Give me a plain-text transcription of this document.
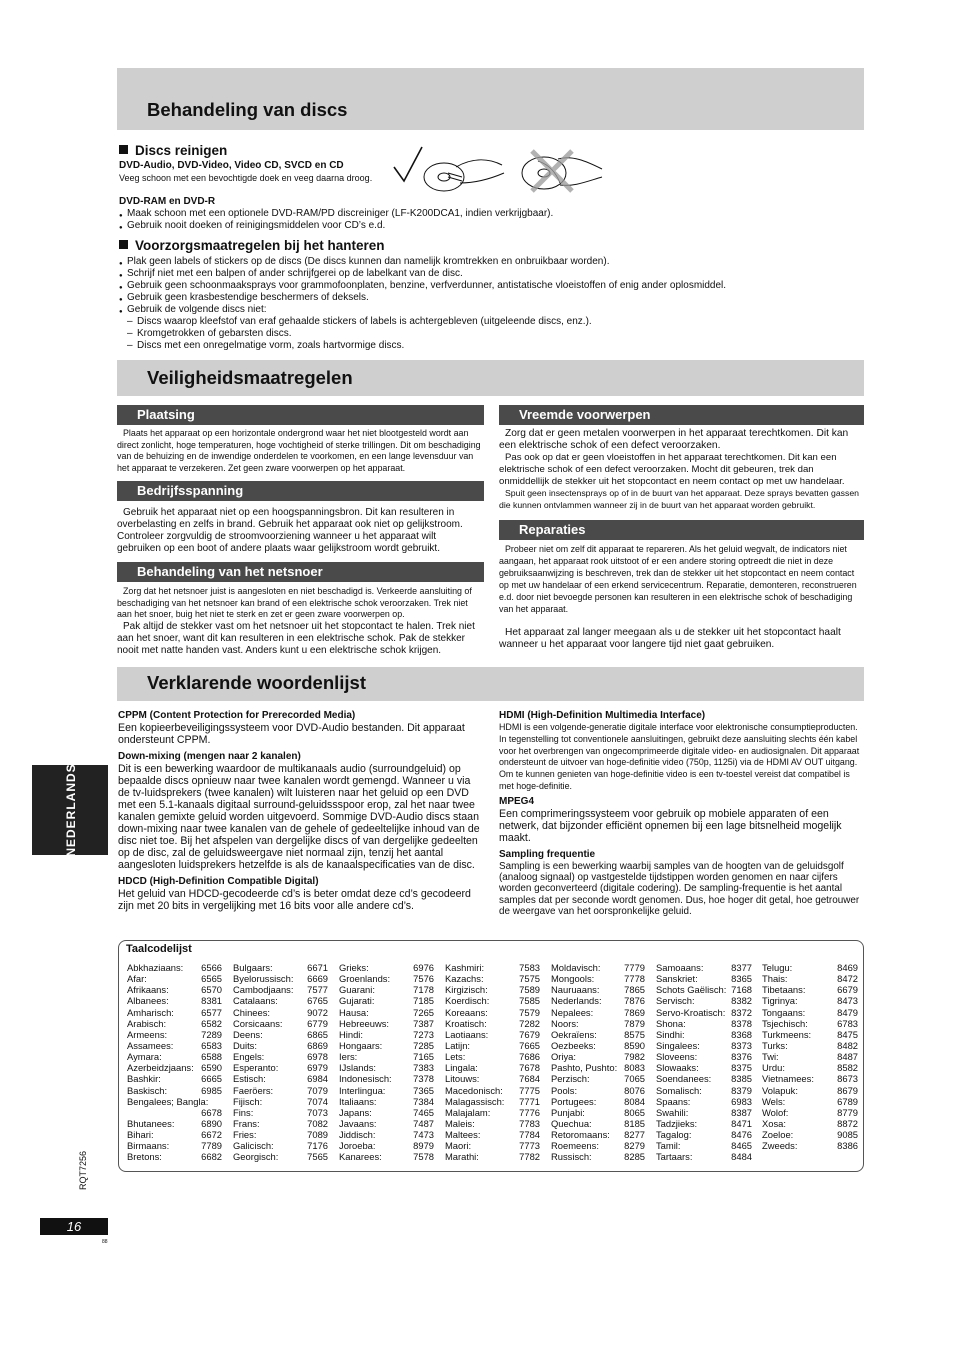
Behandeling van discs
Discs reinigen
DVD-Audio, DVD-Video, Video CD, SVCD en CD
Veeg schoon met een bevochtigde doek en veeg daarna droog.
DVD-RAM en DVD-R
● Maak schoon met een optionele DVD-RAM/PD discreiniger (LF-K200DCA1, indien verkrijgbaar).
● Gebruik nooit doeken of reinigingsmiddelen voor CD’s e.d.
Voorzorgsmaatregelen bij het hanteren
● Plak geen labels of stickers op de discs (De discs kunnen dan namelijk kromtrekken en onbruikbaar worden).
● Schrijf niet met een balpen of ander schrijfgerei op de labelkant van de disc.
● Gebruik geen schoonmaaksprays voor grammofoonplaten, benzine, verfverdunner, antistatische vloeistoffen of enig ander oplosmiddel.
● Gebruik geen krasbestendige beschermers of deksels.
● Gebruik de volgende discs niet:
– Discs waarop kleefstof van eraf gehaalde stickers of labels is achtergebleven (uitgeleende discs, enz.).
– Kromgetrokken of gebarsten discs.
– Discs met een onregelmatige vorm, zoals hartvormige discs.
Veiligheidsmaatregelen
Plaatsing

Plaats het apparaat op een horizontale ondergrond waar het niet blootgesteld wordt aan direct zonlicht, hoge temperaturen, hoge vochtigheid of sterke trillingen. Dit om beschadiging van de behuizing en de inwendige onderdelen te voorkomen, en een lange levensduur van het apparaat te verzekeren. Zet geen zware voorwerpen op het apparaat.

Bedrijfsspanning

Gebruik het apparaat niet op een hoogspanningsbron. Dit kan resulteren in overbelasting en zelfs in brand. Gebruik het apparaat ook niet op gelijkstroom. Controleer zorgvuldig de stroomvoorziening wanneer u het apparaat wilt gebruiken op een boot of andere plaats waar gelijkstroom wordt gebruikt.

Behandeling van het netsnoer

Zorg dat het netsnoer juist is aangesloten en niet beschadigd is. Verkeerde aansluiting of beschadiging van het netsnoer kan brand of een elektrische schok veroorzaken. Trek niet aan het snoer, buig het niet te sterk en zet er geen zware voorwerpen op.

Pak altijd de stekker vast om het netsnoer uit het stopcontact te halen. Trek niet aan het snoer, want dit kan resulteren in een elektrische schok. Pak de stekker nooit met natte handen vast. Anders kunt u een elektrische schok krijgen.

Vreemde voorwerpen

Zorg dat er geen metalen voorwerpen in het apparaat terechtkomen. Dit kan een elektrische schok of een defect veroorzaken.

Pas ook op dat er geen vloeistoffen in het apparaat terechtkomen. Dit kan een elektrische schok of een defect veroorzaken. Mocht dit gebeuren, trek dan onmiddellijk de stekker uit het stopcontact en neem contact op met uw handelaar.

Spuit geen insectensprays op of in de buurt van het apparaat. Deze sprays bevatten gassen die kunnen ontvlammen wanneer zij in de buurt van het apparaat worden gebruikt.

Reparaties

Probeer niet om zelf dit apparaat te repareren. Als het geluid wegvalt, de indicators niet aangaan, het apparaat rook uitstoot of er een andere storing optreedt die niet in deze gebruiksaanwijzing is beschreven, trek dan de stekker uit het stopcontact en neem contact op met uw handelaar of een erkend servicecentrum. Reparatie, demonteren, reconstrueren e.d. door niet bevoegde personen kan resulteren in een elektrische schok of beschadiging van het apparaat.

Het apparaat zal langer meegaan als u de stekker uit het stopcontact haalt wanneer u het apparaat voor langere tijd niet gaat gebruiken.

Verklarende woordenlijst
CPPM (Content Protection for Prerecorded Media)
Een kopieerbeveiligingssysteem voor DVD-Audio bestanden. Dit apparaat ondersteunt CPPM.
Down-mixing (mengen naar 2 kanalen)
Dit is een bewerking waardoor de multikanaals audio (surroundgeluid) op bepaalde discs opnieuw naar twee kanalen wordt gemengd. Wanneer u via de tv-luidsprekers (twee kanalen) wilt luisteren naar het geluid op een DVD met een 5.1-kanaals digitaal surround-geluidssspoor erop, zal het naar twee kanalen gemixte geluid worden uitgevoerd. Sommige DVD-Audio discs staan down-mixing naar twee kanalen van de gehele of gedeeltelijke inhoud van de disc niet toe. Bij het afspelen van dergelijke discs of van dergelijke gedeelten op de disc, zal de geluidsweergave niet normaal zijn, tenzij het aantal aangesloten luidsprekers hetzelfde is als de kanaalspecificaties van de disc.
HDCD (High-Definition Compatible Digital)
Het geluid van HDCD-gecodeerde cd’s is beter omdat deze cd’s gecodeerd zijn met 20 bits in vergelijking met 16 bits voor alle andere cd’s.
HDMI (High-Definition Multimedia Interface)
HDMI is een volgende-generatie digitale interface voor elektronische consumptieproducten. In tegenstelling tot conventionele aansluitingen, gebruikt deze aansluiting slechts één kabel voor het overbrengen van ongecomprimeerde digitale video- en audiosignalen. Dit apparaat ondersteunt de uitvoer van hoge-definitie video (750p, 1125i) via de HDMI AV OUT uitgang. Om te kunnen genieten van hoge-definitie video is een tv-toestel vereist dat compatibel is met hoge-definitie.
MPEG4
Een comprimeringssysteem voor gebruik op mobiele apparaten of een netwerk, dat bijzonder efficiënt opnemen bij een lage bitsnelheid mogelijk maakt.
Sampling frequentie
Sampling is een bewerking waarbij samples van de hoogten van de geluidsgolf (analoog signaal) op vastgestelde tijdstippen worden genomen en naar cijfers worden geconverteerd (digitale codering). De sampling-frequentie is het aantal samples dat per seconde wordt genomen. Dus, hoe hoger dit getal, hoe getrouwer de weergave van het oorspronkelijke geluid.
Taalcodelijst
Abkhaziaans: 6566
Afar:	6565
Afrikaans:	6570
Albanees:	8381
Amharisch:	6577
Arabisch:	6582
Armeens:	7289
Assamees:	6583
Aymara:	6588
Azerbeidzjaans: 6590
Bashkir:	6665
Baskisch:	6985
Bengalees; Bangla:
6678
Bhutanees:	6890
Bihari:	6672
Birmaans:	7789
Bretons:	6682
Bulgaars:	6671
Byelorussisch: 6669
Cambodjaans: 7577
Catalaans:	6765
Chinees:	9072
Corsicaans:	6779
Deens:	6865
Duits:	6869
Engels:	6978
Esperanto:	6979
Estisch:	6984
Faeröers:	7079
Fijisch:	7074
Fins:	7073
Frans:	7082
Fries:	7089
Galicisch:	7176
Georgisch:	7565
Grieks:	6976
Groenlands: 7576
Guarani:	7178
Gujarati:	7185
Hausa:	7265
Hebreeuws:	7387
Hindi:	7273
Hongaars:	7285
Iers:	7165
IJslands:	7383
Indonesisch: 7378
Interlingua:	7365
Italiaans:	7384
Japans:	7465
Javaans:	7487
Jiddisch:	7473
Joroeba:	8979
Kanarees:	7578
Kashmiri:	7583
Kazachs:	7575
Kirgizisch:	7589
Koerdisch:	7585
Koreaans:	7579
Kroatisch:	7282
Laotiaans:	7679
Latijn:	7665
Lets:	7686
Lingala:	7678
Litouws:	7684
Macedonisch: 7775
Malagassisch: 7771
Malajalam:	7776
Maleis:	7783
Maltees:	7784
Maori:	7773
Marathi:	7782
Moldavisch:	7779
Mongools:	7778
Nauruaans:	7865
Nederlands: 7876
Nepalees:	7869
Noors:	7879
Oekraïens:	8575
Oezbeeks:	8590
Oriya:	7982
Pashto, Pushto: 8083
Perzisch:	7065
Pools:	8076
Portugees:	8084
Punjabi:	8065
Quechua:	8185
Retoromaans: 8277
Roemeens:	8279
Russisch:	8285
Samoaans:	8377
Sanskriet:	8365
Schots Gaëlisch: 7168
Servisch:	8382
Servo-Kroatisch: 8372
Shona:	8378
Sindhi:	8368
Singalees:	8373
Sloveens:	8376
Slowaaks:	8375
Soendanees: 8385
Somalisch:	8379
Spaans:	6983
Swahili:	8387
Tadzjieks:	8471
Tagalog:	8476
Tamil:	8465
Tartaars:	8484
Telugu:	8469
Thais:	8472
Tibetaans:	6679
Tigrinya:	8473
Tongaans:	8479
Tsjechisch:	6783
Turkmeens:	8475
Turks:	8482
Twi:	8487
Urdu:	8582
Vietnamees: 8673
Volapuk:	8679
Wels:	6789
Wolof:	8779
Xosa:	8872
Zoeloe:	9085
Zweeds:	8386
NEDERLANDS
RQT7256
16
88
